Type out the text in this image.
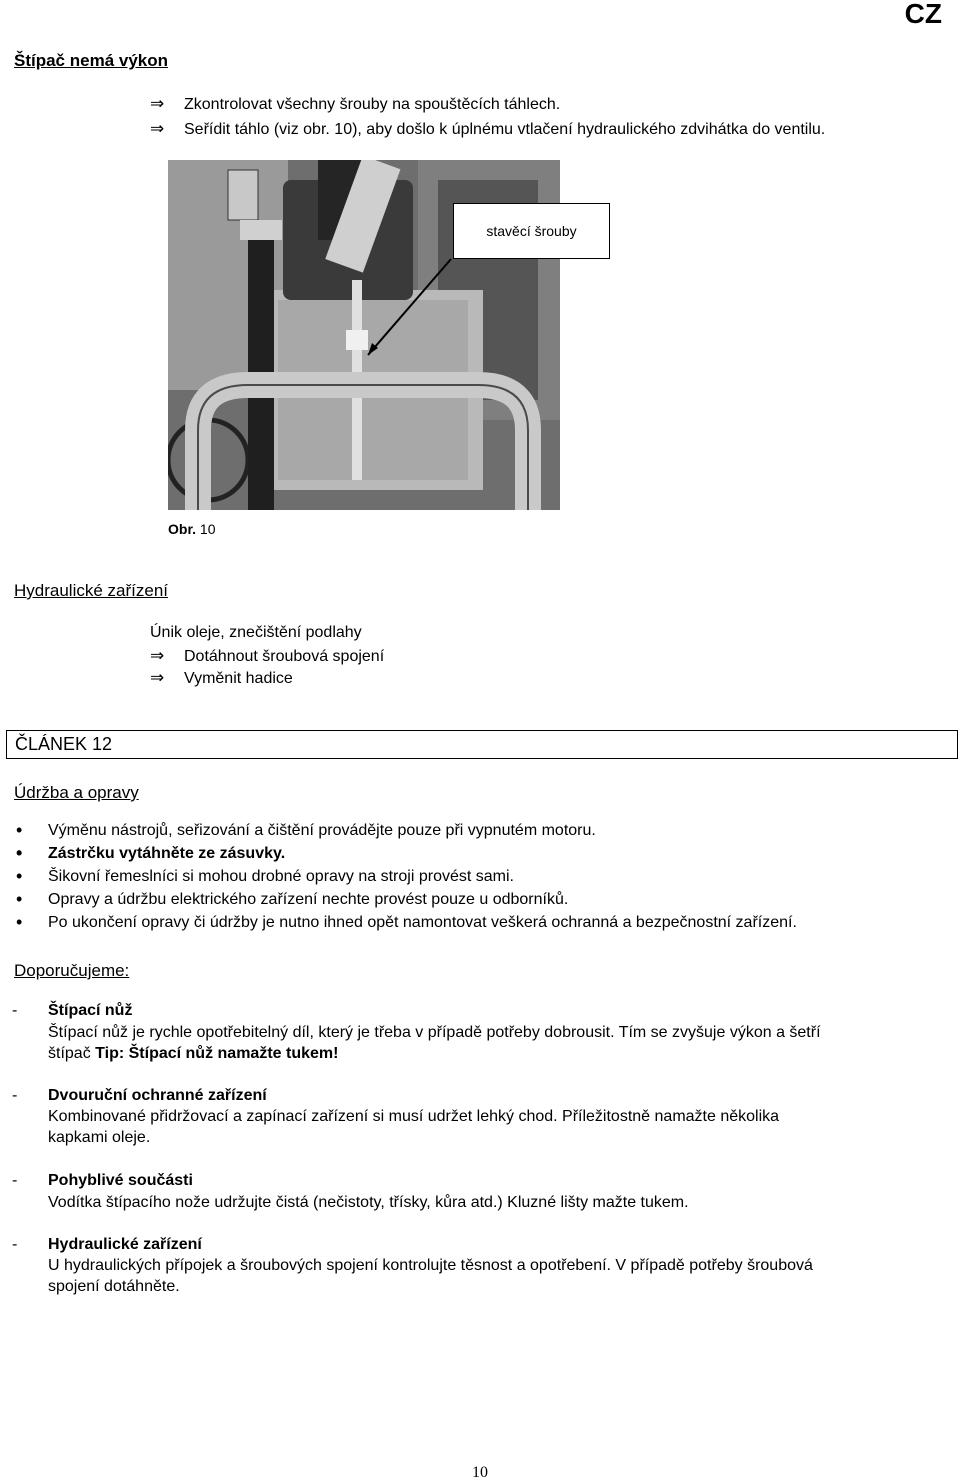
CZ
Štípač nemá výkon
⇒ Zkontrolovat všechny šrouby na spouštěcích táhlech.
⇒ Seřídit táhlo (viz obr. 10), aby došlo k úplnému vtlačení hydraulického zdvihátka do ventilu.
stavěcí šrouby
Obr. 10
Hydraulické zařízení
Únik oleje, znečištění podlahy
⇒ Dotáhnout šroubová spojení
⇒ Vyměnit hadice
ČLÁNEK 12
Údržba a opravy
• Výměnu nástrojů, seřizování a čištění provádějte pouze při vypnutém motoru.
• Zástrčku vytáhněte ze zásuvky.
• Šikovní řemeslníci si mohou drobné opravy na stroji provést sami.
• Opravy a údržbu elektrického zařízení nechte provést pouze u odborníků.
• Po ukončení opravy či údržby je nutno ihned opět namontovat veškerá ochranná a bezpečnostní zařízení.
Doporučujeme:
- Štípací nůž
Štípací nůž je rychle opotřebitelný díl, který je třeba v případě potřeby dobrousit. Tím se zvyšuje výkon a šetří
štípač Tip: Štípací nůž namažte tukem!
- Dvouruční ochranné zařízení
Kombinované přidržovací a zapínací zařízení si musí udržet lehký chod. Příležitostně namažte několika
kapkami oleje.
- Pohyblivé součásti
Vodítka štípacího nože udržujte čistá (nečistoty, třísky, kůra atd.) Kluzné lišty mažte tukem.
- Hydraulické zařízení
U hydraulických přípojek a šroubových spojení kontrolujte těsnost a opotřebení. V případě potřeby šroubová
spojení dotáhněte.
10
